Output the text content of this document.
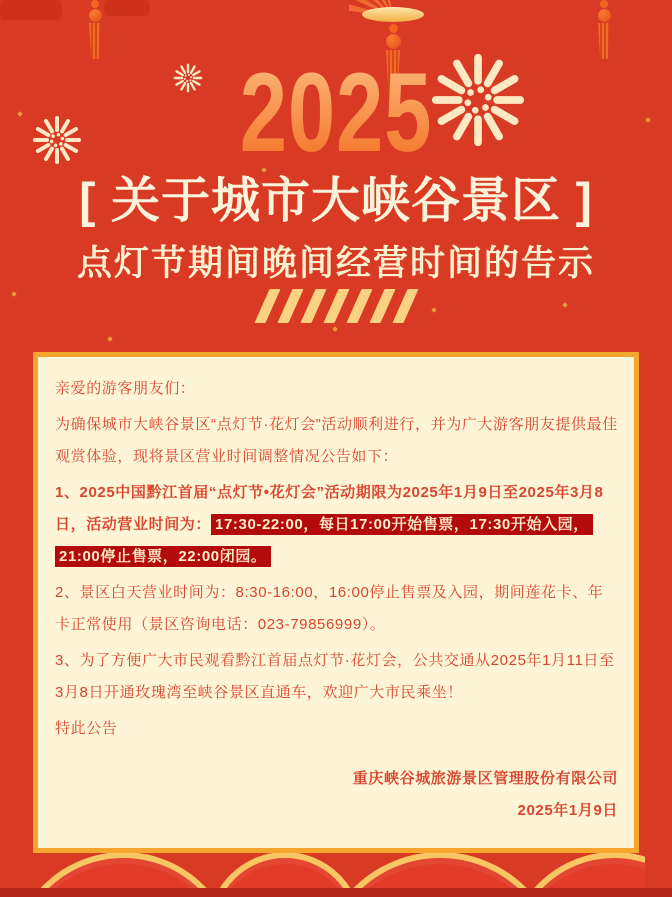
2025
[ 关于城市大峡谷景区 ]
点灯节期间晚间经营时间的告示

亲爱的游客朋友们：

为确保城市大峡谷景区“点灯节·花灯会”活动顺利进行，并为广大游客朋友提供最佳观赏体验，现将景区营业时间调整情况公告如下：

1、2025中国黔江首届“点灯节•花灯会”活动期限为2025年1月9日至2025年3月8日，活动营业时间为： 17:30-22:00，每日17:00开始售票，17:30开始入园，21:00停止售票，22:00闭园。

2、景区白天营业时间为：8:30-16:00，16:00停止售票及入园，期间莲花卡、年卡正常使用（景区咨询电话：023-79856999）。

3、为了方便广大市民观看黔江首届点灯节·花灯会，公共交通从2025年1月11日至3月8日开通玫瑰湾至峡谷景区直通车，欢迎广大市民乘坐！

特此公告

重庆峡谷城旅游景区管理股份有限公司
2025年1月9日
